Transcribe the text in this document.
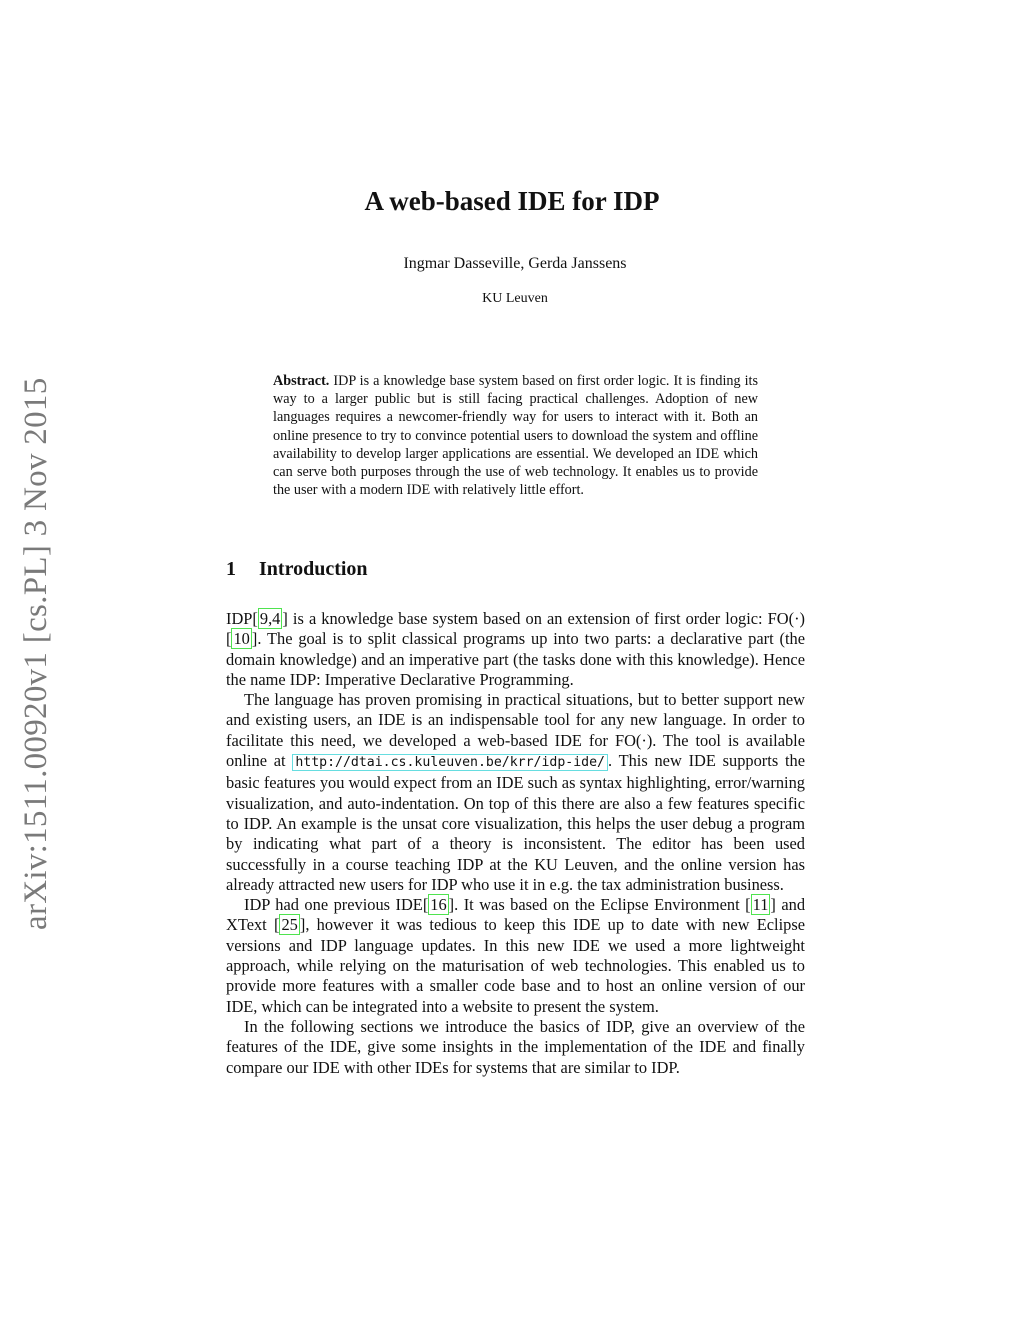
arXiv:1511.00920v1 [cs.PL] 3 Nov 2015
A web-based IDE for IDP
Ingmar Dasseville, Gerda Janssens
KU Leuven
Abstract. IDP is a knowledge base system based on first order logic. It is finding its way to a larger public but is still facing practical challenges. Adoption of new languages requires a newcomer-friendly way for users to interact with it. Both an online presence to try to convince potential users to download the system and offline availability to develop larger applications are essential. We developed an IDE which can serve both purposes through the use of web technology. It enables us to provide the user with a modern IDE with relatively little effort.
1 Introduction

IDP[ 9,4 ] is a knowledge base system based on an extension of first order logic: FO(·) [ 10 ]. The goal is to split classical programs up into two parts: a declarative part (the domain knowledge) and an imperative part (the tasks done with this knowledge). Hence the name IDP: Imperative Declarative Programming.

The language has proven promising in practical situations, but to better support new and existing users, an IDE is an indispensable tool for any new language. In order to facilitate this need, we developed a web-based IDE for FO(·). The tool is available online at http://dtai.cs.kuleuven.be/krr/idp-ide/ . This new IDE supports the basic features you would expect from an IDE such as syntax highlighting, error/warning visualization, and auto-indentation. On top of this there are also a few features specific to IDP. An example is the unsat core visualization, this helps the user debug a program by indicating what part of a theory is inconsistent. The editor has been used successfully in a course teaching IDP at the KU Leuven, and the online version has already attracted new users for IDP who use it in e.g. the tax administration business.

IDP had one previous IDE[ 16 ]. It was based on the Eclipse Environment [ 11 ] and XText [ 25 ], however it was tedious to keep this IDE up to date with new Eclipse versions and IDP language updates. In this new IDE we used a more lightweight approach, while relying on the maturisation of web technologies. This enabled us to provide more features with a smaller code base and to host an online version of our IDE, which can be integrated into a website to present the system.

In the following sections we introduce the basics of IDP, give an overview of the features of the IDE, give some insights in the implementation of the IDE and finally compare our IDE with other IDEs for systems that are similar to IDP.
